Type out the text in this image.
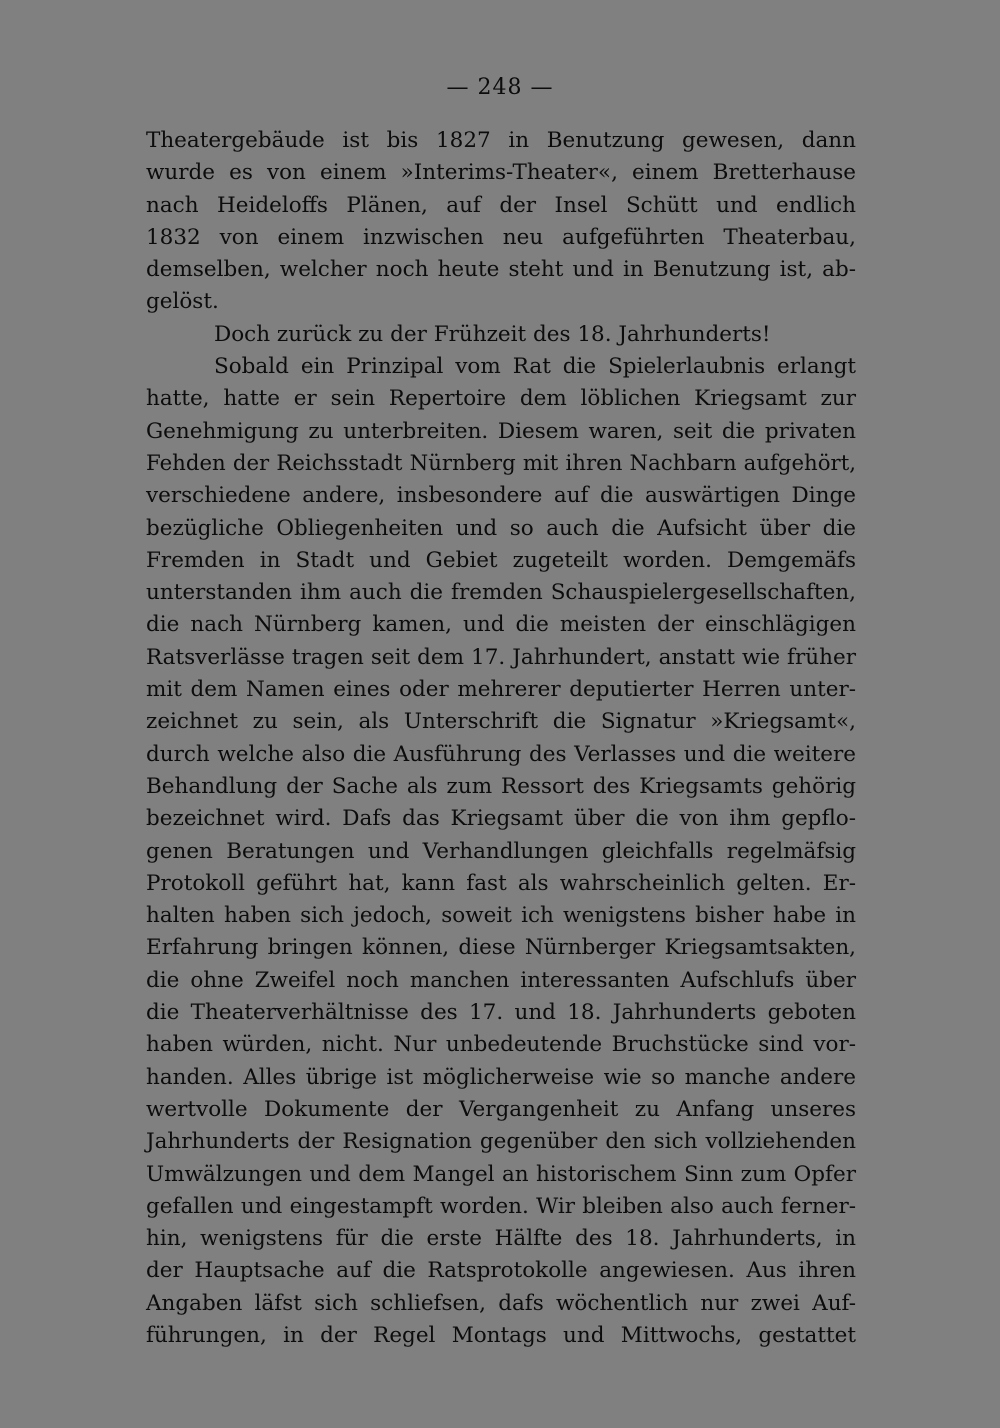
— 248 —
Theatergebäude ist bis 1827 in Benutzung gewesen, dann
wurde es von einem »Interims-Theater«, einem Bretterhause
nach Heideloffs Plänen, auf der Insel Schütt und endlich
1832 von einem inzwischen neu aufgeführten Theaterbau,
demselben, welcher noch heute steht und in Benutzung ist, ab-
gelöst.
Doch zurück zu der Frühzeit des 18. Jahrhunderts!
Sobald ein Prinzipal vom Rat die Spielerlaubnis erlangt
hatte, hatte er sein Repertoire dem löblichen Kriegsamt zur
Genehmigung zu unterbreiten. Diesem waren, seit die privaten
Fehden der Reichsstadt Nürnberg mit ihren Nachbarn aufgehört,
verschiedene andere, insbesondere auf die auswärtigen Dinge
bezügliche Obliegenheiten und so auch die Aufsicht über die
Fremden in Stadt und Gebiet zugeteilt worden. Demgemäfs
unterstanden ihm auch die fremden Schauspielergesellschaften,
die nach Nürnberg kamen, und die meisten der einschlägigen
Ratsverlässe tragen seit dem 17. Jahrhundert, anstatt wie früher
mit dem Namen eines oder mehrerer deputierter Herren unter-
zeichnet zu sein, als Unterschrift die Signatur »Kriegsamt«,
durch welche also die Ausführung des Verlasses und die weitere
Behandlung der Sache als zum Ressort des Kriegsamts gehörig
bezeichnet wird. Dafs das Kriegsamt über die von ihm gepflo-
genen Beratungen und Verhandlungen gleichfalls regelmäfsig
Protokoll geführt hat, kann fast als wahrscheinlich gelten. Er-
halten haben sich jedoch, soweit ich wenigstens bisher habe in
Erfahrung bringen können, diese Nürnberger Kriegsamtsakten,
die ohne Zweifel noch manchen interessanten Aufschlufs über
die Theaterverhältnisse des 17. und 18. Jahrhunderts geboten
haben würden, nicht. Nur unbedeutende Bruchstücke sind vor-
handen. Alles übrige ist möglicherweise wie so manche andere
wertvolle Dokumente der Vergangenheit zu Anfang unseres
Jahrhunderts der Resignation gegenüber den sich vollziehenden
Umwälzungen und dem Mangel an historischem Sinn zum Opfer
gefallen und eingestampft worden. Wir bleiben also auch ferner-
hin, wenigstens für die erste Hälfte des 18. Jahrhunderts, in
der Hauptsache auf die Ratsprotokolle angewiesen. Aus ihren
Angaben läfst sich schliefsen, dafs wöchentlich nur zwei Auf-
führungen, in der Regel Montags und Mittwochs, gestattet
